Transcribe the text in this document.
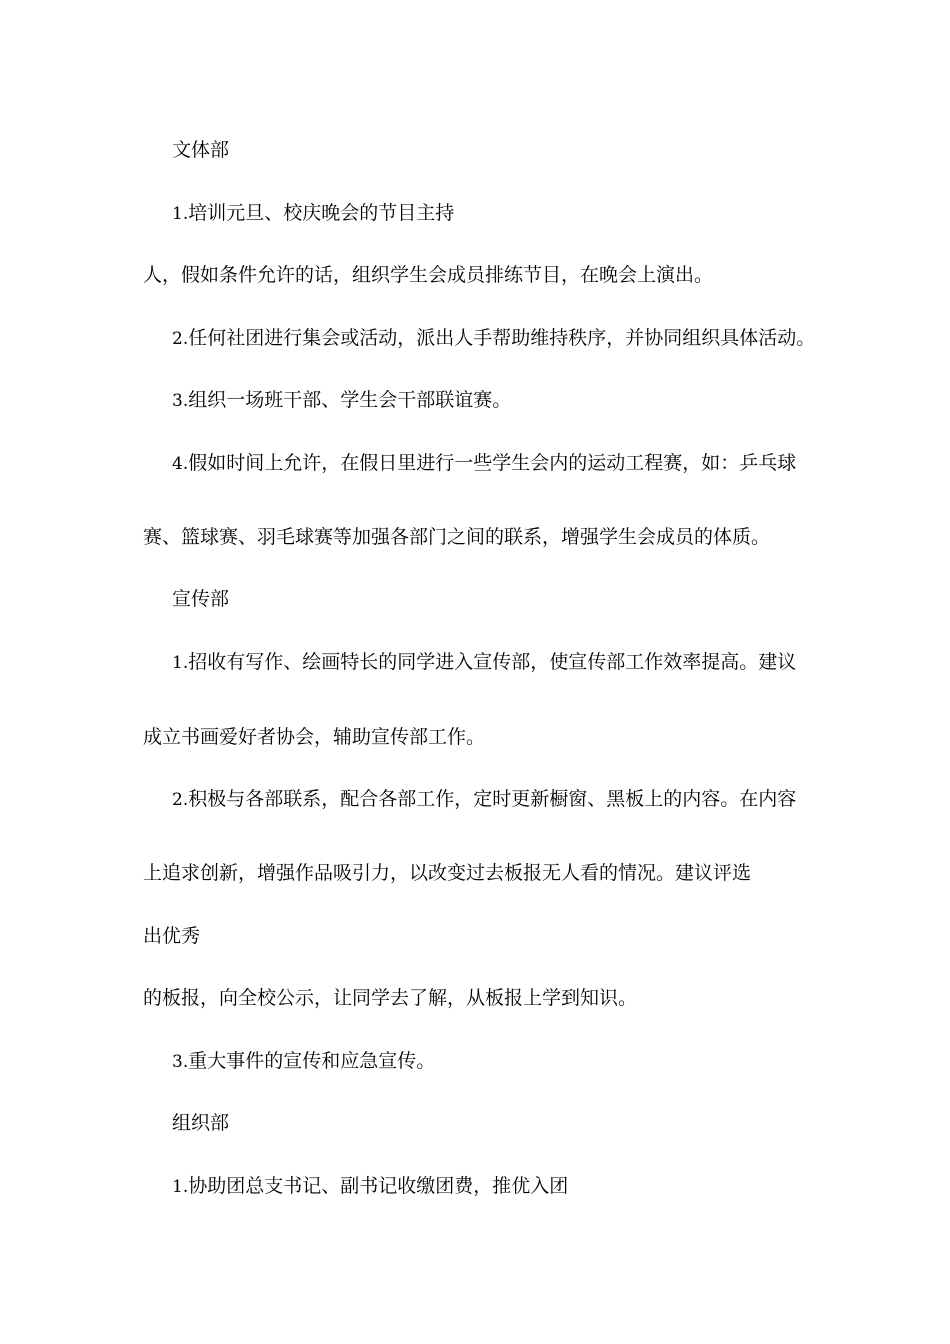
文体部
1.培训元旦、校庆晚会的节目主持
人，假如条件允许的话，组织学生会成员排练节目，在晚会上演出。
2.任何社团进行集会或活动，派出人手帮助维持秩序，并协同组织具体活动。
3.组织一场班干部、学生会干部联谊赛。
4.假如时间上允许，在假日里进行一些学生会内的运动工程赛，如：乒乓球
赛、篮球赛、羽毛球赛等加强各部门之间的联系，增强学生会成员的体质。
宣传部
1.招收有写作、绘画特长的同学进入宣传部，使宣传部工作效率提高。建议
成立书画爱好者协会，辅助宣传部工作。
2.积极与各部联系，配合各部工作，定时更新橱窗、黑板上的内容。在内容
上追求创新，增强作品吸引力，以改变过去板报无人看的情况。建议评选
出优秀
的板报，向全校公示，让同学去了解，从板报上学到知识。
3.重大事件的宣传和应急宣传。
组织部
1.协助团总支书记、副书记收缴团费，推优入团
